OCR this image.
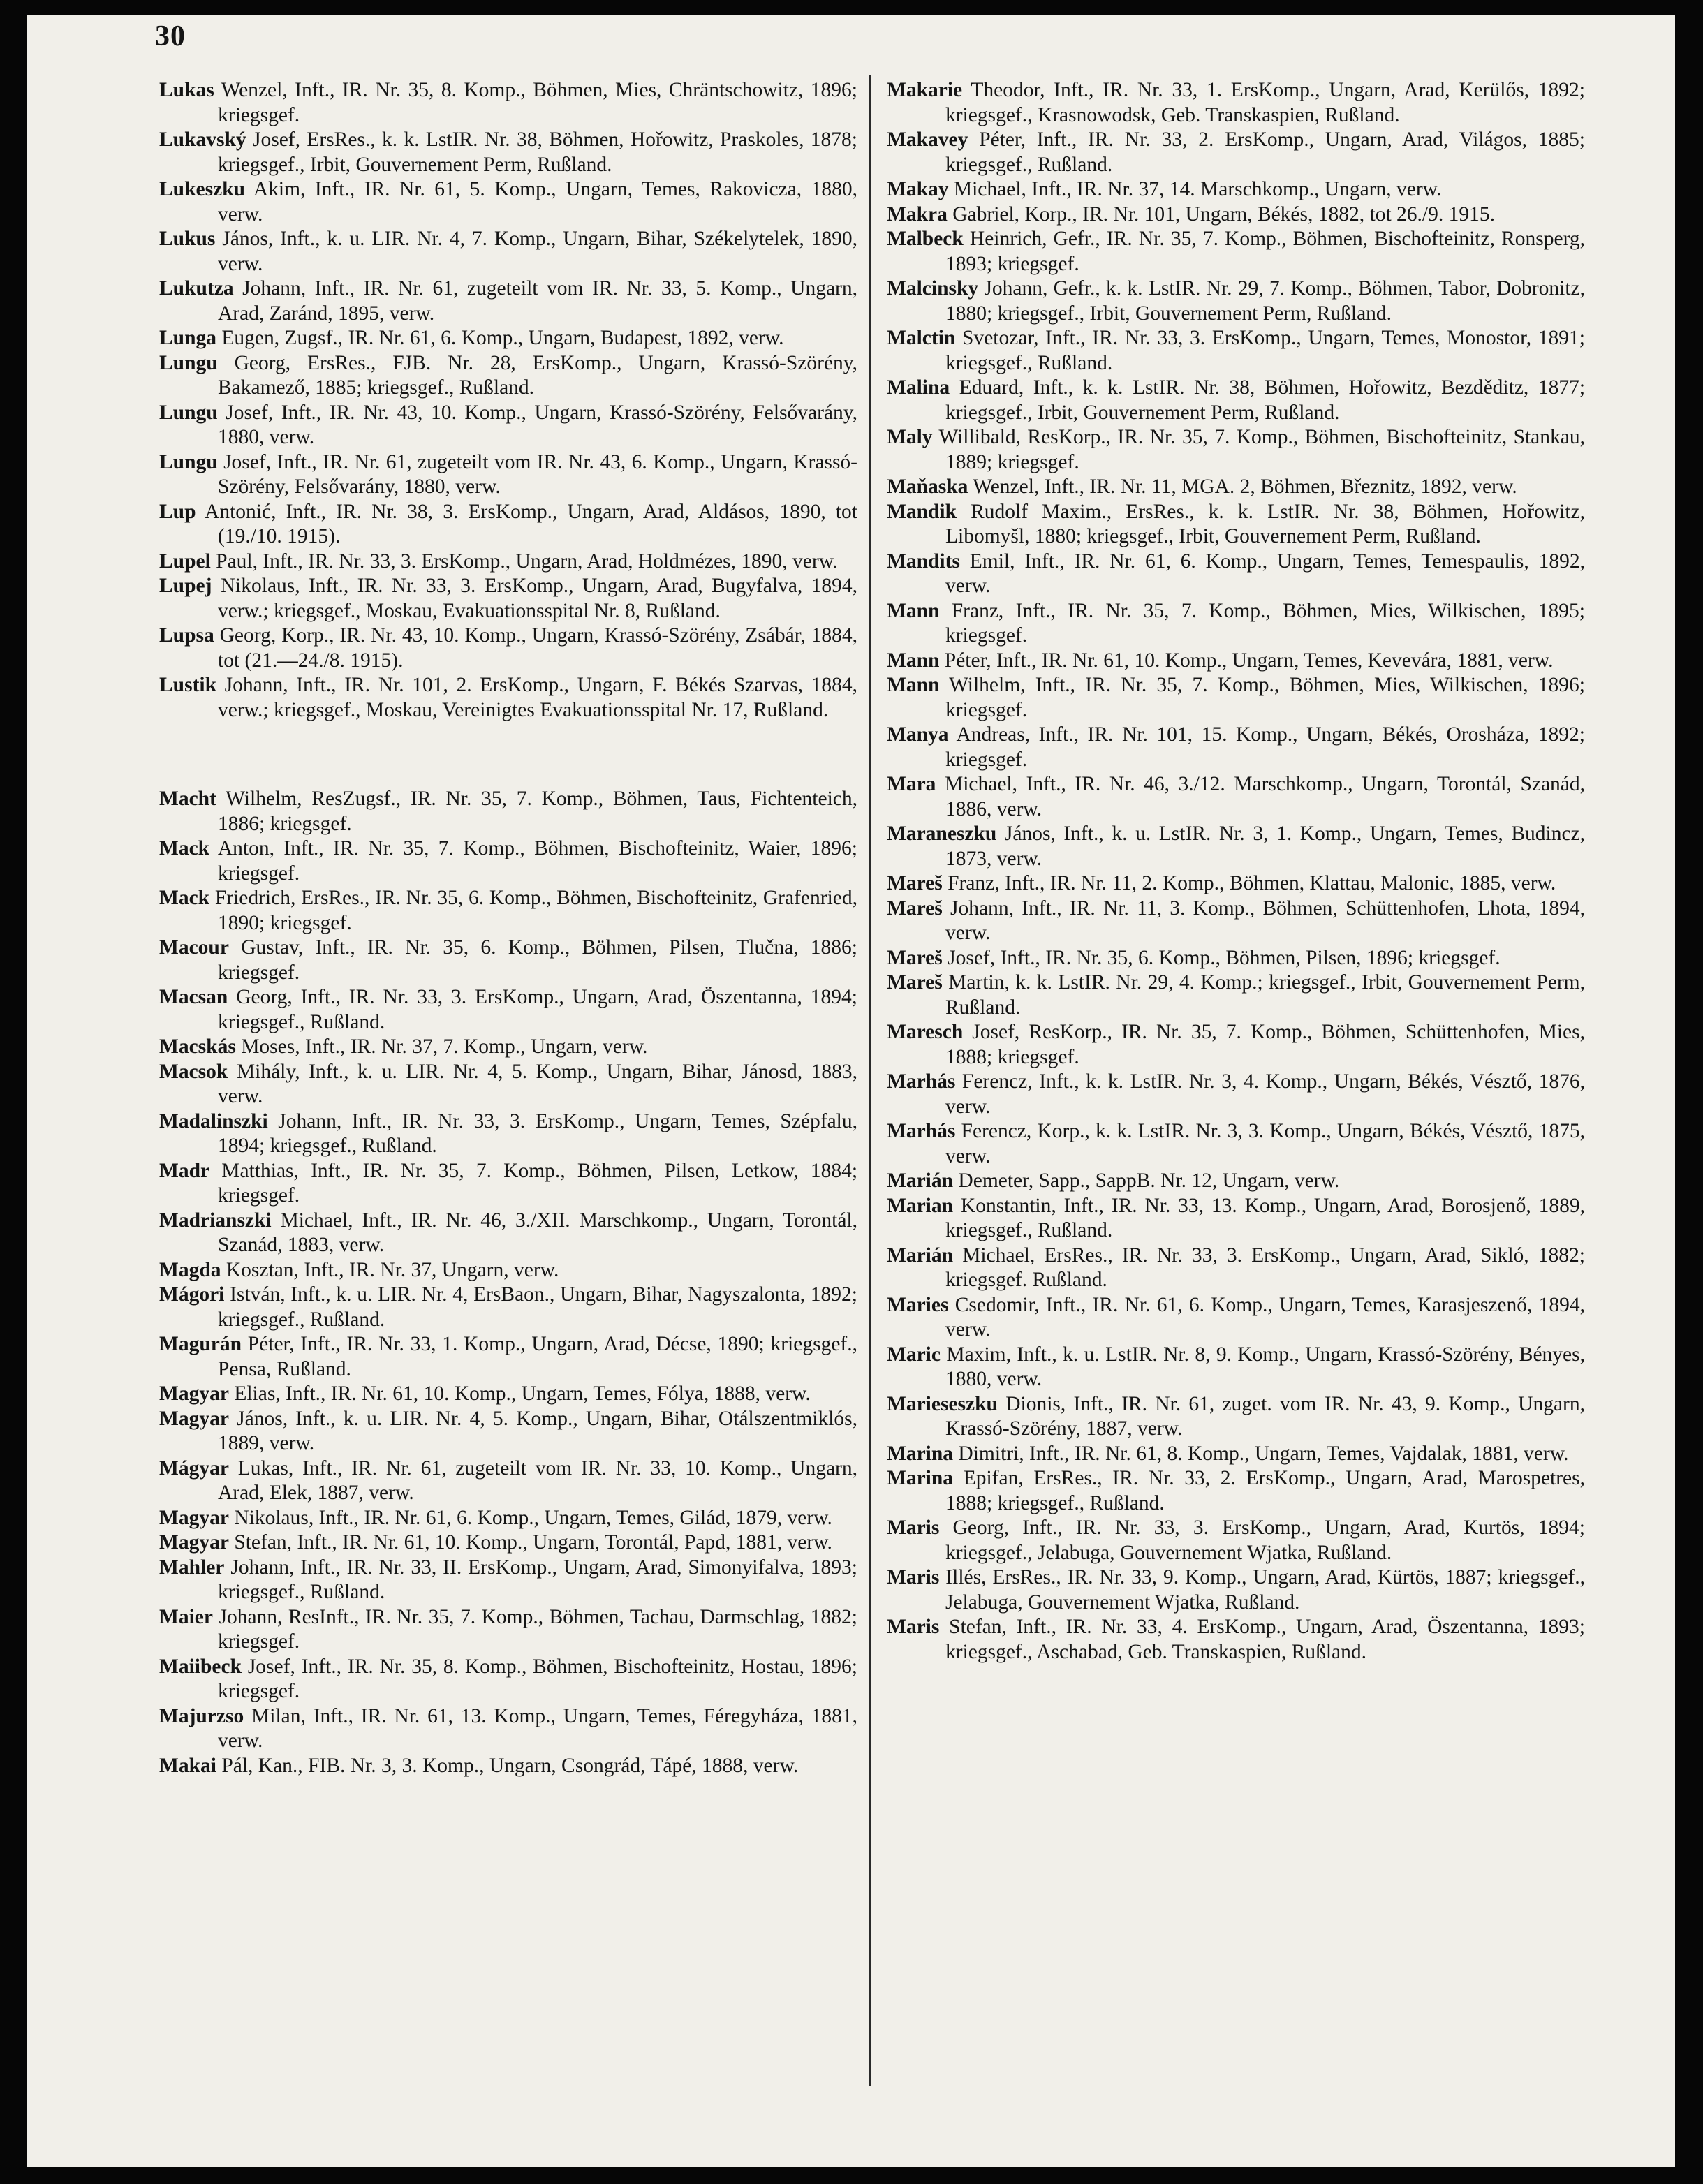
30

Lukas Wenzel, Inft., IR. Nr. 35, 8. Komp., Böhmen, Mies, Chräntschowitz, 1896; kriegsgef.

Lukavský Josef, ErsRes., k. k. LstIR. Nr. 38, Böhmen, Hořowitz, Praskoles, 1878; kriegsgef., Irbit, Gouvernement Perm, Rußland.

Lukeszku Akim, Inft., IR. Nr. 61, 5. Komp., Ungarn, Temes, Rakovicza, 1880, verw.

Lukus János, Inft., k. u. LIR. Nr. 4, 7. Komp., Ungarn, Bihar, Székelytelek, 1890, verw.

Lukutza Johann, Inft., IR. Nr. 61, zugeteilt vom IR. Nr. 33, 5. Komp., Ungarn, Arad, Zaránd, 1895, verw.

Lunga Eugen, Zugsf., IR. Nr. 61, 6. Komp., Ungarn, Budapest, 1892, verw.

Lungu Georg, ErsRes., FJB. Nr. 28, ErsKomp., Ungarn, Krassó-Szörény, Bakamező, 1885; kriegsgef., Rußland.

Lungu Josef, Inft., IR. Nr. 43, 10. Komp., Ungarn, Krassó-Szörény, Felsővarány, 1880, verw.

Lungu Josef, Inft., IR. Nr. 61, zugeteilt vom IR. Nr. 43, 6. Komp., Ungarn, Krassó-Szörény, Felsővarány, 1880, verw.

Lup Antonić, Inft., IR. Nr. 38, 3. ErsKomp., Ungarn, Arad, Aldásos, 1890, tot (19./10. 1915).

Lupel Paul, Inft., IR. Nr. 33, 3. ErsKomp., Ungarn, Arad, Holdmézes, 1890, verw.

Lupej Nikolaus, Inft., IR. Nr. 33, 3. ErsKomp., Ungarn, Arad, Bugyfalva, 1894, verw.; kriegsgef., Moskau, Evakuationsspital Nr. 8, Rußland.

Lupsa Georg, Korp., IR. Nr. 43, 10. Komp., Ungarn, Krassó-Szörény, Zsábár, 1884, tot (21.—24./8. 1915).

Lustik Johann, Inft., IR. Nr. 101, 2. ErsKomp., Ungarn, F. Békés Szarvas, 1884, verw.; kriegsgef., Moskau, Vereinigtes Evakuationsspital Nr. 17, Rußland.

Macht Wilhelm, ResZugsf., IR. Nr. 35, 7. Komp., Böhmen, Taus, Fichtenteich, 1886; kriegsgef.

Mack Anton, Inft., IR. Nr. 35, 7. Komp., Böhmen, Bischofteinitz, Waier, 1896; kriegsgef.

Mack Friedrich, ErsRes., IR. Nr. 35, 6. Komp., Böhmen, Bischofteinitz, Grafenried, 1890; kriegsgef.

Macour Gustav, Inft., IR. Nr. 35, 6. Komp., Böhmen, Pilsen, Tlučna, 1886; kriegsgef.

Macsan Georg, Inft., IR. Nr. 33, 3. ErsKomp., Ungarn, Arad, Öszentanna, 1894; kriegsgef., Rußland.

Macskás Moses, Inft., IR. Nr. 37, 7. Komp., Ungarn, verw.

Macsok Mihály, Inft., k. u. LIR. Nr. 4, 5. Komp., Ungarn, Bihar, Jánosd, 1883, verw.

Madalinszki Johann, Inft., IR. Nr. 33, 3. ErsKomp., Ungarn, Temes, Szépfalu, 1894; kriegsgef., Rußland.

Madr Matthias, Inft., IR. Nr. 35, 7. Komp., Böhmen, Pilsen, Letkow, 1884; kriegsgef.

Madrianszki Michael, Inft., IR. Nr. 46, 3./XII. Marschkomp., Ungarn, Torontál, Szanád, 1883, verw.

Magda Kosztan, Inft., IR. Nr. 37, Ungarn, verw.

Mágori István, Inft., k. u. LIR. Nr. 4, ErsBaon., Ungarn, Bihar, Nagyszalonta, 1892; kriegsgef., Rußland.

Magurán Péter, Inft., IR. Nr. 33, 1. Komp., Ungarn, Arad, Décse, 1890; kriegsgef., Pensa, Rußland.

Magyar Elias, Inft., IR. Nr. 61, 10. Komp., Ungarn, Temes, Fólya, 1888, verw.

Magyar János, Inft., k. u. LIR. Nr. 4, 5. Komp., Ungarn, Bihar, Otálszentmiklós, 1889, verw.

Mágyar Lukas, Inft., IR. Nr. 61, zugeteilt vom IR. Nr. 33, 10. Komp., Ungarn, Arad, Elek, 1887, verw.

Magyar Nikolaus, Inft., IR. Nr. 61, 6. Komp., Ungarn, Temes, Gilád, 1879, verw.

Magyar Stefan, Inft., IR. Nr. 61, 10. Komp., Ungarn, Torontál, Papd, 1881, verw.

Mahler Johann, Inft., IR. Nr. 33, II. ErsKomp., Ungarn, Arad, Simonyifalva, 1893; kriegsgef., Rußland.

Maier Johann, ResInft., IR. Nr. 35, 7. Komp., Böhmen, Tachau, Darmschlag, 1882; kriegsgef.

Maiibeck Josef, Inft., IR. Nr. 35, 8. Komp., Böhmen, Bischofteinitz, Hostau, 1896; kriegsgef.

Majurzso Milan, Inft., IR. Nr. 61, 13. Komp., Ungarn, Temes, Féregyháza, 1881, verw.

Makai Pál, Kan., FIB. Nr. 3, 3. Komp., Ungarn, Csongrád, Tápé, 1888, verw.

Makarie Theodor, Inft., IR. Nr. 33, 1. ErsKomp., Ungarn, Arad, Kerülős, 1892; kriegsgef., Krasnowodsk, Geb. Transkaspien, Rußland.

Makavey Péter, Inft., IR. Nr. 33, 2. ErsKomp., Ungarn, Arad, Világos, 1885; kriegsgef., Rußland.

Makay Michael, Inft., IR. Nr. 37, 14. Marschkomp., Ungarn, verw.

Makra Gabriel, Korp., IR. Nr. 101, Ungarn, Békés, 1882, tot 26./9. 1915.

Malbeck Heinrich, Gefr., IR. Nr. 35, 7. Komp., Böhmen, Bischofteinitz, Ronsperg, 1893; kriegsgef.

Malcinsky Johann, Gefr., k. k. LstIR. Nr. 29, 7. Komp., Böhmen, Tabor, Dobronitz, 1880; kriegsgef., Irbit, Gouvernement Perm, Rußland.

Malctin Svetozar, Inft., IR. Nr. 33, 3. ErsKomp., Ungarn, Temes, Monostor, 1891; kriegsgef., Rußland.

Malina Eduard, Inft., k. k. LstIR. Nr. 38, Böhmen, Hořowitz, Bezděditz, 1877; kriegsgef., Irbit, Gouvernement Perm, Rußland.

Maly Willibald, ResKorp., IR. Nr. 35, 7. Komp., Böhmen, Bischofteinitz, Stankau, 1889; kriegsgef.

Maňaska Wenzel, Inft., IR. Nr. 11, MGA. 2, Böhmen, Březnitz, 1892, verw.

Mandik Rudolf Maxim., ErsRes., k. k. LstIR. Nr. 38, Böhmen, Hořowitz, Libomyšl, 1880; kriegsgef., Irbit, Gouvernement Perm, Rußland.

Mandits Emil, Inft., IR. Nr. 61, 6. Komp., Ungarn, Temes, Temespaulis, 1892, verw.

Mann Franz, Inft., IR. Nr. 35, 7. Komp., Böhmen, Mies, Wilkischen, 1895; kriegsgef.

Mann Péter, Inft., IR. Nr. 61, 10. Komp., Ungarn, Temes, Kevevára, 1881, verw.

Mann Wilhelm, Inft., IR. Nr. 35, 7. Komp., Böhmen, Mies, Wilkischen, 1896; kriegsgef.

Manya Andreas, Inft., IR. Nr. 101, 15. Komp., Ungarn, Békés, Orosháza, 1892; kriegsgef.

Mara Michael, Inft., IR. Nr. 46, 3./12. Marschkomp., Ungarn, Torontál, Szanád, 1886, verw.

Maraneszku János, Inft., k. u. LstIR. Nr. 3, 1. Komp., Ungarn, Temes, Budincz, 1873, verw.

Mareš Franz, Inft., IR. Nr. 11, 2. Komp., Böhmen, Klattau, Malonic, 1885, verw.

Mareš Johann, Inft., IR. Nr. 11, 3. Komp., Böhmen, Schüttenhofen, Lhota, 1894, verw.

Mareš Josef, Inft., IR. Nr. 35, 6. Komp., Böhmen, Pilsen, 1896; kriegsgef.

Mareš Martin, k. k. LstIR. Nr. 29, 4. Komp.; kriegsgef., Irbit, Gouvernement Perm, Rußland.

Maresch Josef, ResKorp., IR. Nr. 35, 7. Komp., Böhmen, Schüttenhofen, Mies, 1888; kriegsgef.

Marhás Ferencz, Inft., k. k. LstIR. Nr. 3, 4. Komp., Ungarn, Békés, Vésztő, 1876, verw.

Marhás Ferencz, Korp., k. k. LstIR. Nr. 3, 3. Komp., Ungarn, Békés, Vésztő, 1875, verw.

Marián Demeter, Sapp., SappB. Nr. 12, Ungarn, verw.

Marian Konstantin, Inft., IR. Nr. 33, 13. Komp., Ungarn, Arad, Borosjenő, 1889, kriegsgef., Rußland.

Marián Michael, ErsRes., IR. Nr. 33, 3. ErsKomp., Ungarn, Arad, Sikló, 1882; kriegsgef. Rußland.

Maries Csedomir, Inft., IR. Nr. 61, 6. Komp., Ungarn, Temes, Karasjeszenő, 1894, verw.

Maric Maxim, Inft., k. u. LstIR. Nr. 8, 9. Komp., Ungarn, Krassó-Szörény, Bényes, 1880, verw.

Marieseszku Dionis, Inft., IR. Nr. 61, zuget. vom IR. Nr. 43, 9. Komp., Ungarn, Krassó-Szörény, 1887, verw.

Marina Dimitri, Inft., IR. Nr. 61, 8. Komp., Ungarn, Temes, Vajdalak, 1881, verw.

Marina Epifan, ErsRes., IR. Nr. 33, 2. ErsKomp., Ungarn, Arad, Marospetres, 1888; kriegsgef., Rußland.

Maris Georg, Inft., IR. Nr. 33, 3. ErsKomp., Ungarn, Arad, Kurtös, 1894; kriegsgef., Jelabuga, Gouvernement Wjatka, Rußland.

Maris Illés, ErsRes., IR. Nr. 33, 9. Komp., Ungarn, Arad, Kürtös, 1887; kriegsgef., Jelabuga, Gouvernement Wjatka, Rußland.

Maris Stefan, Inft., IR. Nr. 33, 4. ErsKomp., Ungarn, Arad, Öszentanna, 1893; kriegsgef., Aschabad, Geb. Transkaspien, Rußland.
